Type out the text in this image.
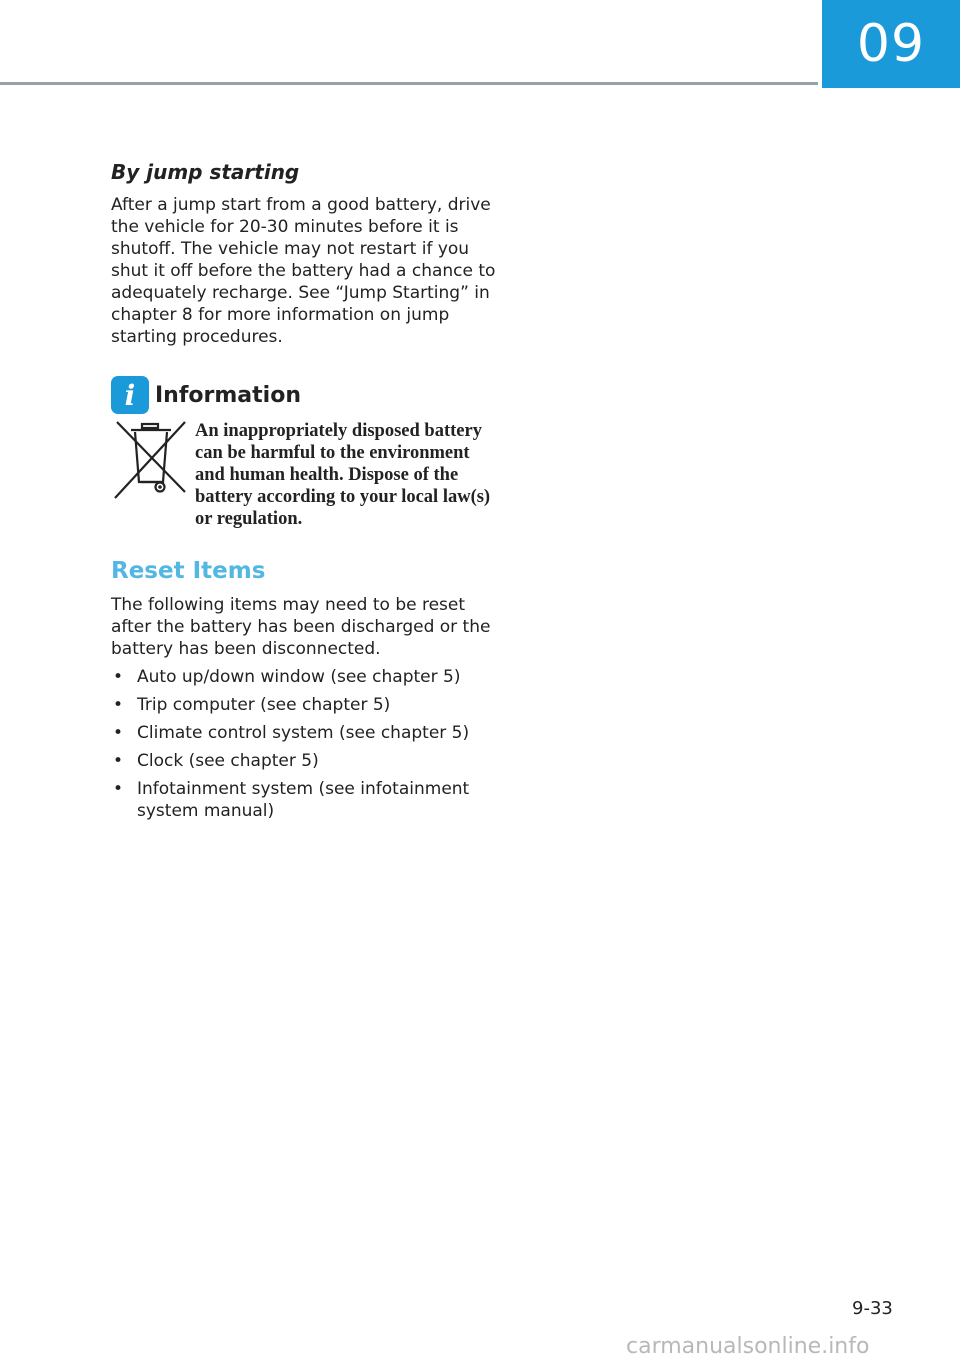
09
By jump starting

After a jump start from a good battery, drive the vehicle for 20-30 minutes before it is shutoff. The vehicle may not restart if you shut it off before the battery had a chance to adequately recharge. See “Jump Starting” in chapter 8 for more information on jump starting procedures.

i Information

An inappropriately disposed battery can be harmful to the environment and human health. Dispose of the battery according to your local law(s) or regulation.

Reset Items

The following items may need to be reset after the battery has been discharged or the battery has been disconnected.

• Auto up/down window (see chapter 5)
• Trip computer (see chapter 5)
• Climate control system (see chapter 5)
• Clock (see chapter 5)
• Infotainment system (see infotainment system manual)
9-33
carmanualsonline.info
